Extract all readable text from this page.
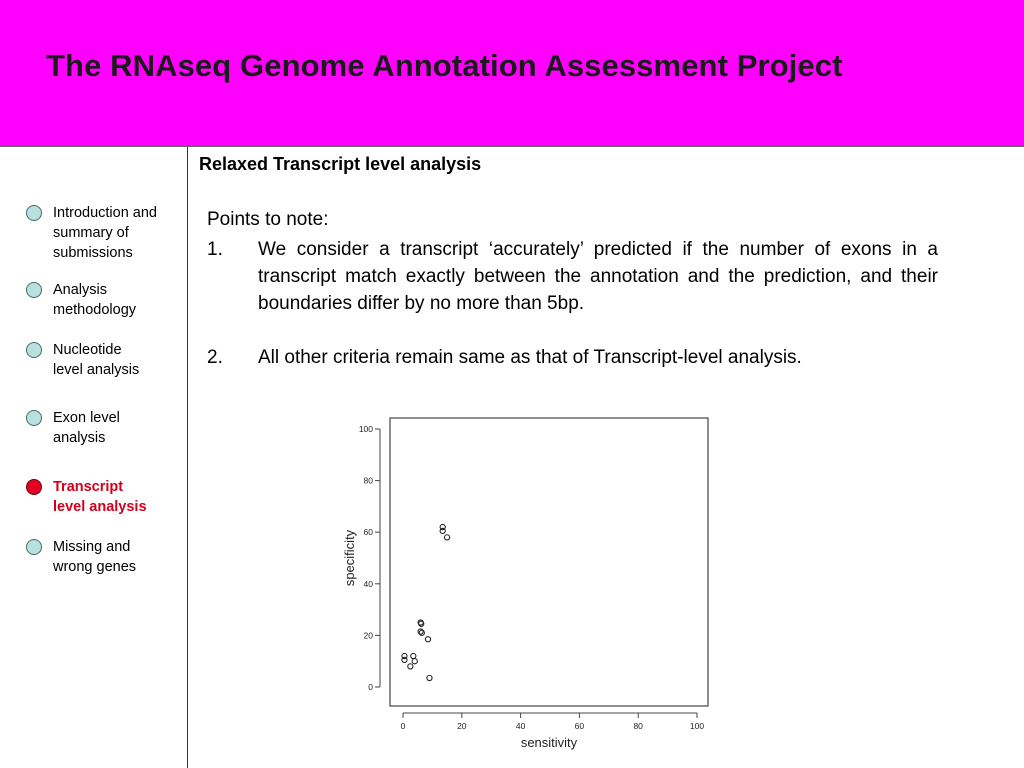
The RNAseq Genome Annotation Assessment Project
Introduction and
summary of
submissions
Analysis
methodology
Nucleotide
level analysis
Exon level
analysis
Transcript
level analysis
Missing and
wrong genes
Relaxed Transcript level analysis
Points to note:
1. We consider a transcript ‘accurately’ predicted if the number of exons in a transcript match exactly between the annotation and the prediction, and their boundaries differ by no more than 5bp.
2. All other criteria remain same as that of Transcript-level analysis.
0	20	40	60	80	100
0
20
40
60
80
100
sensitivity
specificity
